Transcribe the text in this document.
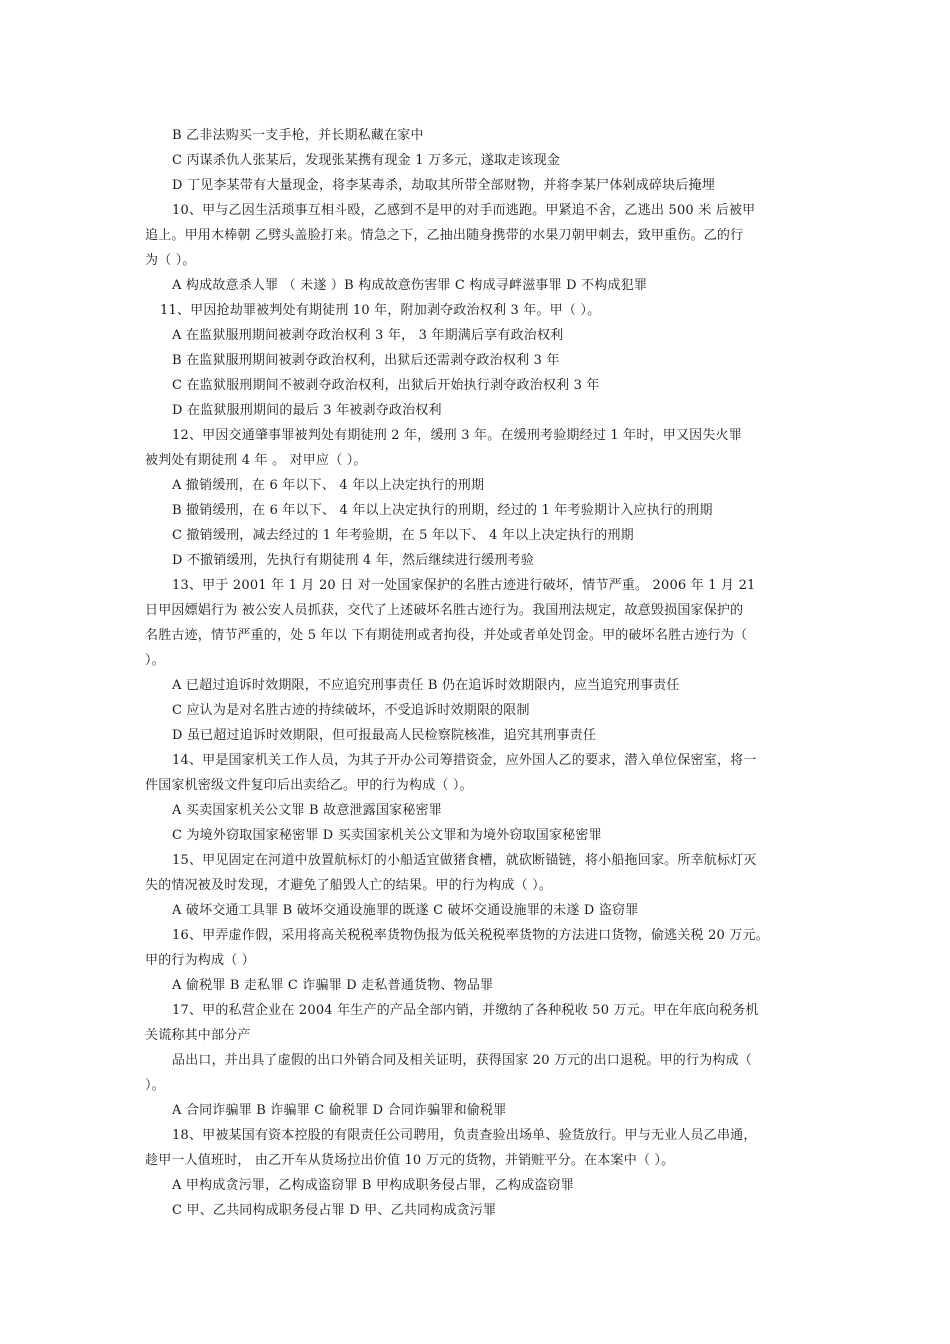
B 乙非法购买一支手枪，并长期私藏在家中
C 丙谋杀仇人张某后，发现张某携有现金 1 万多元，遂取走该现金
D 丁见李某带有大量现金，将李某毒杀，劫取其所带全部财物，并将李某尸体剁成碎块后掩埋
10、甲与乙因生活琐事互相斗殴，乙感到不是甲的对手而逃跑。甲紧追不舍，乙逃出 500 米 后被甲
追上。甲用木棒朝 乙劈头盖脸打来。情急之下，乙抽出随身携带的水果刀朝甲刺去，致甲重伤。乙的行
为（ ）。
A 构成故意杀人罪 （ 未遂 ）B 构成故意伤害罪 C 构成寻衅滋事罪 D 不构成犯罪
11、甲因抢劫罪被判处有期徒刑 10 年，附加剥夺政治权利 3 年。甲（ ）。
A 在监狱服刑期间被剥夺政治权利 3 年， 3 年期满后享有政治权利
B 在监狱服刑期间被剥夺政治权利，出狱后还需剥夺政治权利 3 年
C 在监狱服刑期间不被剥夺政治权利，出狱后开始执行剥夺政治权利 3 年
D 在监狱服刑期间的最后 3 年被剥夺政治权利
12、甲因交通肇事罪被判处有期徒刑 2 年，缓刑 3 年。在缓刑考验期经过 1 年时，甲又因失火罪
被判处有期徒刑 4 年 。 对甲应（ ）。
A 撤销缓刑，在 6 年以下、 4 年以上决定执行的刑期
B 撤销缓刑，在 6 年以下、 4 年以上决定执行的刑期，经过的 1 年考验期计入应执行的刑期
C 撤销缓刑，减去经过的 1 年考验期，在 5 年以下、 4 年以上决定执行的刑期
D 不撤销缓刑，先执行有期徒刑 4 年，然后继续进行缓刑考验
13、甲于 2001 年 1 月 20 日 对一处国家保护的名胜古迹进行破坏，情节严重。 2006 年 1 月 21
日甲因嫖娼行为 被公安人员抓获，交代了上述破坏名胜古迹行为。我国刑法规定，故意毁损国家保护的
名胜古迹，情节严重的，处 5 年以 下有期徒刑或者拘役，并处或者单处罚金。甲的破坏名胜古迹行为（
）。
A 已超过追诉时效期限，不应追究刑事责任 B 仍在追诉时效期限内，应当追究刑事责任
C 应认为是对名胜古迹的持续破坏，不受追诉时效期限的限制
D 虽已超过追诉时效期限，但可报最高人民检察院核准，追究其刑事责任
14、甲是国家机关工作人员，为其子开办公司筹措资金，应外国人乙的要求，潜入单位保密室，将一
件国家机密级文件复印后出卖给乙。甲的行为构成（ ）。
A 买卖国家机关公文罪 B 故意泄露国家秘密罪
C 为境外窃取国家秘密罪 D 买卖国家机关公文罪和为境外窃取国家秘密罪
15、甲见固定在河道中放置航标灯的小船适宜做猪食槽，就砍断锚链，将小船拖回家。所幸航标灯灭
失的情况被及时发现，才避免了船毁人亡的结果。甲的行为构成（ ）。
A 破坏交通工具罪 B 破坏交通设施罪的既遂 C 破坏交通设施罪的未遂 D 盗窃罪
16、甲弄虚作假，采用将高关税税率货物伪报为低关税税率货物的方法进口货物，偷逃关税 20 万元。
甲的行为构成（ ）
A 偷税罪 B 走私罪 C 诈骗罪 D 走私普通货物、物品罪
17、甲的私营企业在 2004 年生产的产品全部内销，并缴纳了各种税收 50 万元。甲在年底向税务机
关谎称其中部分产
品出口，并出具了虚假的出口外销合同及相关证明，获得国家 20 万元的出口退税。甲的行为构成（
）。
A 合同诈骗罪 B 诈骗罪 C 偷税罪 D 合同诈骗罪和偷税罪
18、甲被某国有资本控股的有限责任公司聘用，负责查验出场单、验货放行。甲与无业人员乙串通，
趁甲一人值班时， 由乙开车从货场拉出价值 10 万元的货物，并销赃平分。在本案中（ ）。
A 甲构成贪污罪，乙构成盗窃罪 B 甲构成职务侵占罪，乙构成盗窃罪
C 甲、乙共同构成职务侵占罪 D 甲、乙共同构成贪污罪
